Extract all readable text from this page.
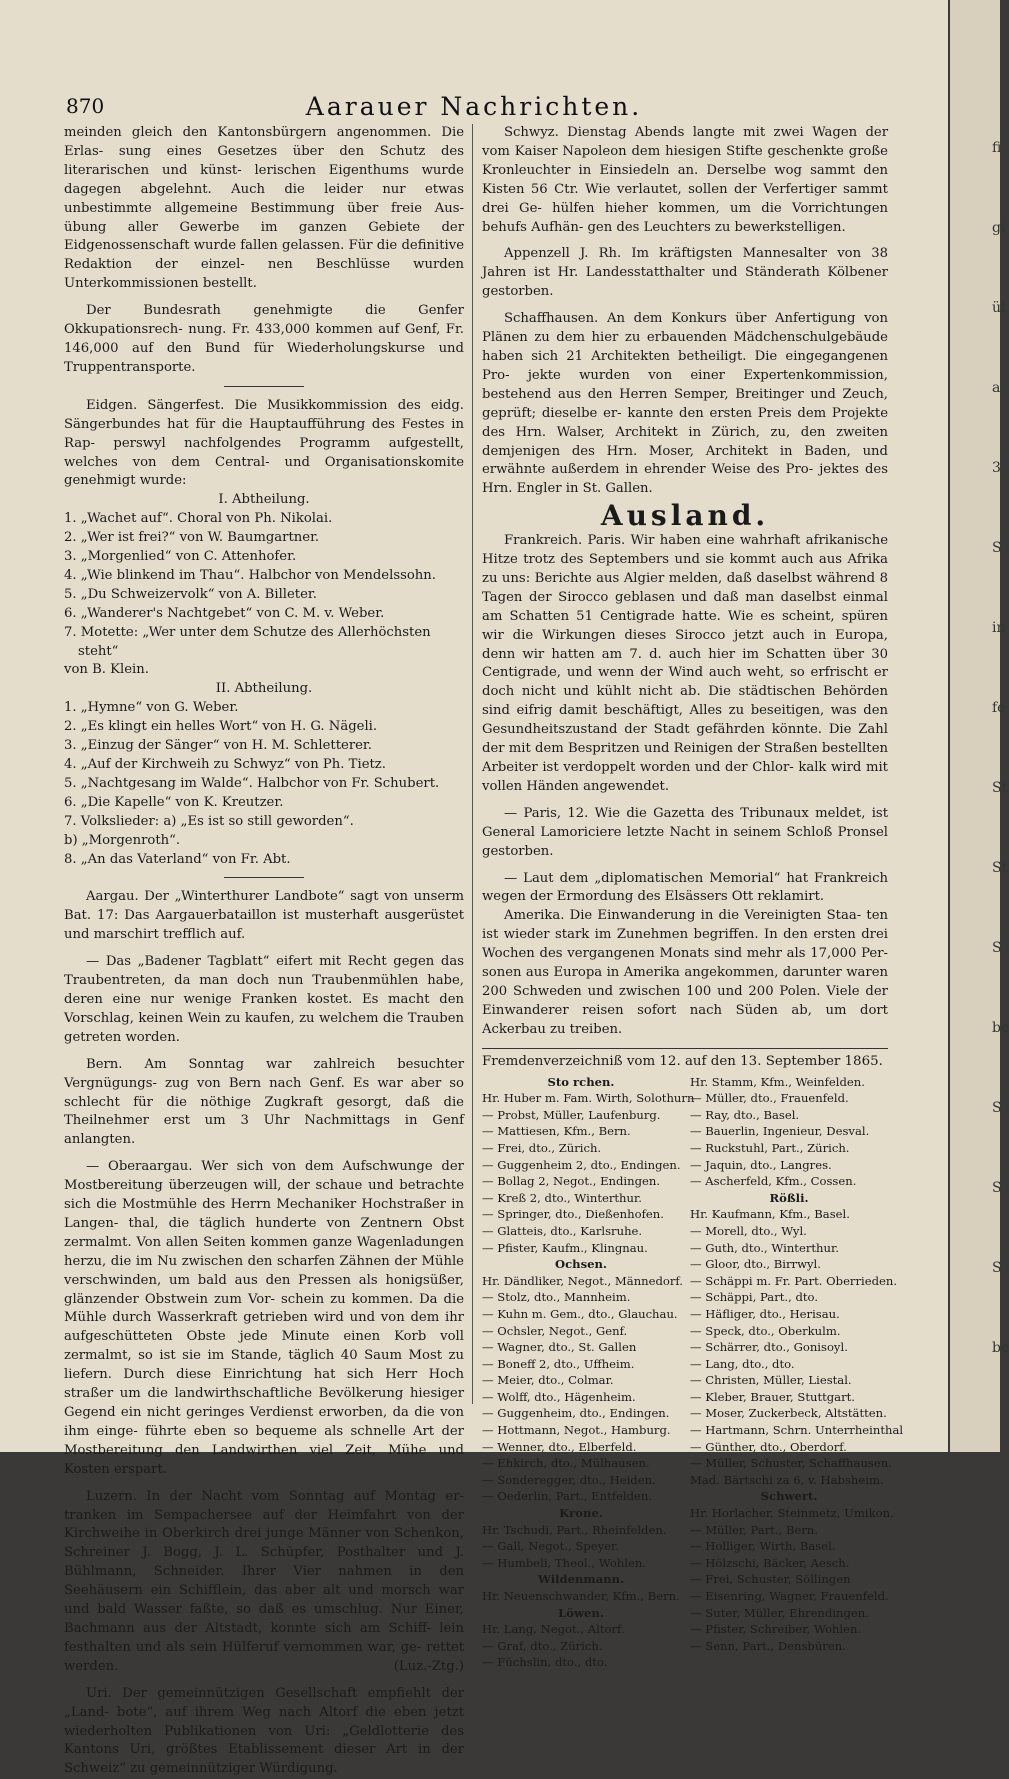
870	Aarauer Nachrichten.

meinden gleich den Kantonsbürgern angenommen. Die Erlas- sung eines Gesetzes über den Schutz des literarischen und künst- lerischen Eigenthums wurde dagegen abgelehnt. Auch die leider nur etwas unbestimmte allgemeine Bestimmung über freie Aus- übung aller Gewerbe im ganzen Gebiete der Eidgenossenschaft wurde fallen gelassen. Für die definitive Redaktion der einzel- nen Beschlüsse wurden Unterkommissionen bestellt.

Der Bundesrath genehmigte die Genfer Okkupationsrech- nung. Fr. 433,000 kommen auf Genf, Fr. 146,000 auf den Bund für Wiederholungskurse und Truppentransporte.

Eidgen. Sängerfest. Die Musikkommission des eidg. Sängerbundes hat für die Hauptaufführung des Festes in Rap- perswyl nachfolgendes Programm aufgestellt, welches von dem Central- und Organisationskomite genehmigt wurde:

I. Abtheilung.
1. „Wachet auf“. Choral von Ph. Nikolai.
2. „Wer ist frei?“ von W. Baumgartner.
3. „Morgenlied“ von C. Attenhofer.
4. „Wie blinkend im Thau“. Halbchor von Mendelssohn.
5. „Du Schweizervolk“ von A. Billeter.
6. „Wanderer's Nachtgebet“ von C. M. v. Weber.
7. Motette: „Wer unter dem Schutze des Allerhöchsten steht“
von B. Klein.
II. Abtheilung.
1. „Hymne“ von G. Weber.
2. „Es klingt ein helles Wort“ von H. G. Nägeli.
3. „Einzug der Sänger“ von H. M. Schletterer.
4. „Auf der Kirchweih zu Schwyz“ von Ph. Tietz.
5. „Nachtgesang im Walde“. Halbchor von Fr. Schubert.
6. „Die Kapelle“ von K. Kreutzer.
7. Volkslieder: a) „Es ist so still geworden“.
b) „Morgenroth“.
8. „An das Vaterland“ von Fr. Abt.

Aargau. Der „Winterthurer Landbote“ sagt von unserm Bat. 17: Das Aargauerbataillon ist musterhaft ausgerüstet und marschirt trefflich auf.

— Das „Badener Tagblatt“ eifert mit Recht gegen das Traubentreten, da man doch nun Traubenmühlen habe, deren eine nur wenige Franken kostet. Es macht den Vorschlag, keinen Wein zu kaufen, zu welchem die Trauben getreten worden.

Bern. Am Sonntag war zahlreich besuchter Vergnügungs- zug von Bern nach Genf. Es war aber so schlecht für die nöthige Zugkraft gesorgt, daß die Theilnehmer erst um 3 Uhr Nachmittags in Genf anlangten.

— Oberaargau. Wer sich von dem Aufschwunge der Mostbereitung überzeugen will, der schaue und betrachte sich die Mostmühle des Herrn Mechaniker Hochstraßer in Langen- thal, die täglich hunderte von Zentnern Obst zermalmt. Von allen Seiten kommen ganze Wagenladungen herzu, die im Nu zwischen den scharfen Zähnen der Mühle verschwinden, um bald aus den Pressen als honigsüßer, glänzender Obstwein zum Vor- schein zu kommen. Da die Mühle durch Wasserkraft getrieben wird und von dem ihr aufgeschütteten Obste jede Minute einen Korb voll zermalmt, so ist sie im Stande, täglich 40 Saum Most zu liefern. Durch diese Einrichtung hat sich Herr Hoch straßer um die landwirthschaftliche Bevölkerung hiesiger Gegend ein nicht geringes Verdienst erworben, da die von ihm einge- führte eben so bequeme als schnelle Art der Mostbereitung den Landwirthen viel Zeit, Mühe und Kosten erspart.

Luzern. In der Nacht vom Sonntag auf Montag er- tranken im Sempachersee auf der Heimfahrt von der Kirchweihe in Oberkirch drei junge Männer von Schenkon, Schreiner J. Bogg, J. L. Schüpfer, Posthalter und J. Bühlmann, Schneider. Ihrer Vier nahmen in den Seehäusern ein Schifflein, das aber alt und morsch war und bald Wasser faßte, so daß es umschlug. Nur Einer, Bachmann aus der Altstadt, konnte sich am Schiff- lein festhalten und als sein Hülferuf vernommen war, ge- rettet werden.	(Luz.-Ztg.)

Uri. Der gemeinnützigen Gesellschaft empfiehlt der „Land- bote“, auf ihrem Weg nach Altorf die eben jetzt wiederholten Publikationen von Uri: „Geldlotterie des Kantons Uri, größtes Etablissement dieser Art in der Schweiz“ zu gemeinnütziger Würdigung.

Schwyz. Dienstag Abends langte mit zwei Wagen der vom Kaiser Napoleon dem hiesigen Stifte geschenkte große Kronleuchter in Einsiedeln an. Derselbe wog sammt den Kisten 56 Ctr. Wie verlautet, sollen der Verfertiger sammt drei Ge- hülfen hieher kommen, um die Vorrichtungen behufs Aufhän- gen des Leuchters zu bewerkstelligen.

Appenzell J. Rh. Im kräftigsten Mannesalter von 38 Jahren ist Hr. Landesstatthalter und Ständerath Kölbener gestorben.

Schaffhausen. An dem Konkurs über Anfertigung von Plänen zu dem hier zu erbauenden Mädchenschulgebäude haben sich 21 Architekten betheiligt. Die eingegangenen Pro- jekte wurden von einer Expertenkommission, bestehend aus den Herren Semper, Breitinger und Zeuch, geprüft; dieselbe er- kannte den ersten Preis dem Projekte des Hrn. Walser, Architekt in Zürich, zu, den zweiten demjenigen des Hrn. Moser, Architekt in Baden, und erwähnte außerdem in ehrender Weise des Pro- jektes des Hrn. Engler in St. Gallen.

Ausland.

Frankreich. Paris. Wir haben eine wahrhaft afrikanische Hitze trotz des Septembers und sie kommt auch aus Afrika zu uns: Berichte aus Algier melden, daß daselbst während 8 Tagen der Sirocco geblasen und daß man daselbst einmal am Schatten 51 Centigrade hatte. Wie es scheint, spüren wir die Wirkungen dieses Sirocco jetzt auch in Europa, denn wir hatten am 7. d. auch hier im Schatten über 30 Centigrade, und wenn der Wind auch weht, so erfrischt er doch nicht und kühlt nicht ab. Die städtischen Behörden sind eifrig damit beschäftigt, Alles zu beseitigen, was den Gesundheitszustand der Stadt gefährden könnte. Die Zahl der mit dem Bespritzen und Reinigen der Straßen bestellten Arbeiter ist verdoppelt worden und der Chlor- kalk wird mit vollen Händen angewendet.

— Paris, 12. Wie die Gazetta des Tribunaux meldet, ist General Lamoriciere letzte Nacht in seinem Schloß Pronsel gestorben.

— Laut dem „diplomatischen Memorial“ hat Frankreich wegen der Ermordung des Elsässers Ott reklamirt.

Amerika. Die Einwanderung in die Vereinigten Staa- ten ist wieder stark im Zunehmen begriffen. In den ersten drei Wochen des vergangenen Monats sind mehr als 17,000 Per- sonen aus Europa in Amerika angekommen, darunter waren 200 Schweden und zwischen 100 und 200 Polen. Viele der Einwanderer reisen sofort nach Süden ab, um dort Ackerbau zu treiben.

Fremdenverzeichniß vom 12. auf den 13. September 1865.
Sto rchen.
Hr. Huber m. Fam. Wirth, Solothurn
— Probst, Müller, Laufenburg.
— Mattiesen, Kfm., Bern.
— Frei, dto., Zürich.
— Guggenheim 2, dto., Endingen.
— Bollag 2, Negot., Endingen.
— Kreß 2, dto., Winterthur.
— Springer, dto., Dießenhofen.
— Glatteis, dto., Karlsruhe.
— Pfister, Kaufm., Klingnau.
Ochsen.
Hr. Dändliker, Negot., Männedorf.
— Stolz, dto., Mannheim.
— Kuhn m. Gem., dto., Glauchau.
— Ochsler, Negot., Genf.
— Wagner, dto., St. Gallen
— Boneff 2, dto., Uffheim.
— Meier, dto., Colmar.
— Wolff, dto., Hägenheim.
— Guggenheim, dto., Endingen.
— Hottmann, Negot., Hamburg.
— Wenner, dto., Elberfeld.
— Ehkirch, dto., Mülhausen.
— Sonderegger, dto., Heiden.
— Oederlin, Part., Entfelden.
Krone.
Hr. Tschudi, Part., Rheinfelden.
— Gall, Negot., Speyer.
— Humbeli, Theol., Wohlen.
Wildenmann.
Hr. Neuenschwander, Kfm., Bern.
Löwen.
Hr. Lang, Negot., Altorf.
— Graf, dto., Zürich.
— Füchslin, dto., dto.
Hr. Stamm, Kfm., Weinfelden.
— Müller, dto., Frauenfeld.
— Ray, dto., Basel.
— Bauerlin, Ingenieur, Desval.
— Ruckstuhl, Part., Zürich.
— Jaquin, dto., Langres.
— Ascherfeld, Kfm., Cossen.
Rößli.
Hr. Kaufmann, Kfm., Basel.
— Morell, dto., Wyl.
— Guth, dto., Winterthur.
— Gloor, dto., Birrwyl.
— Schäppi m. Fr. Part. Oberrieden.
— Schäppi, Part., dto.
— Häfliger, dto., Herisau.
— Speck, dto., Oberkulm.
— Schärrer, dto., Gonisoyl.
— Lang, dto., dto.
— Christen, Müller, Liestal.
— Kleber, Brauer, Stuttgart.
— Moser, Zuckerbeck, Altstätten.
— Hartmann, Schrn. Unterrheinthal
— Günther, dto., Oberdorf.
— Müller, Schuster, Schaffhausen.
Mad. Bärtschi za 6, v. Habsheim.
Schwert.
Hr. Horlacher, Steinmetz, Umikon.
— Müller, Part., Bern.
— Holliger, Wirth, Basel.
— Hölzschi, Bäcker, Aesch.
— Frei, Schuster, Söllingen
— Eisenring, Wagner, Frauenfeld.
— Suter, Müller, Ehrendingen.
— Pfister, Schreiber, Wohlen.
— Senn, Part., Densbüren.
fi
gi
ül
a
3
S
in
fe
St
St
S
be
S
S
S
be
